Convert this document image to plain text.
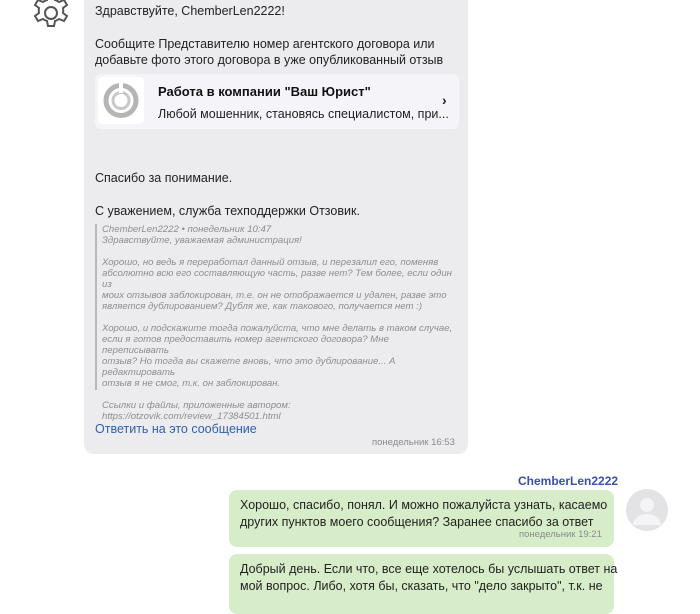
Здравствуйте, ChemberLen2222!
Сообщите Представителю номер агентского договора или
добавьте фото этого договора в уже опубликованный отзыв
Работа в компании "Ваш Юрист"
Любой мошенник, становясь специалистом, при...
›
Спасибо за понимание.
С уважением, служба техподдержки Отзовик.

ChemberLen2222 • понедельник 10:47

Здравствуйте, уважаемая администрация!

Хорошо, но ведь я переработал данный отзыв, и перезалил его, поменяв

абсолютно всю его составляющую часть, разве нет? Тем более, если один из

моих отзывов заблокирован, т.е. он не отображается и удален, разве это

является дублированием? Дубля же, как такового, получается нет :)

Хорошо, и подскажите тогда пожалуйста, что мне делать в таком случае,

если я готов предоставить номер агентского договора? Мне переписывать

отзыв? Но тогда вы скажете вновь, что это дублирование... А редактировать

отзыв я не смог, т.к. он заблокирован.

Ссылки и файлы, приложенные автором:

https://otzovik.com/review_17384501.html

Ответить на это сообщение
понедельник 16:53
ChemberLen2222
Хорошо, спасибо, понял. И можно пожалуйста узнать, касаемо
других пунктов моего сообщения? Заранее спасибо за ответ
понедельник 19:21
Добрый день. Если что, все еще хотелось бы услышать ответ на
мой вопрос. Либо, хотя бы, сказать, что "дело закрыто", т.к. не
